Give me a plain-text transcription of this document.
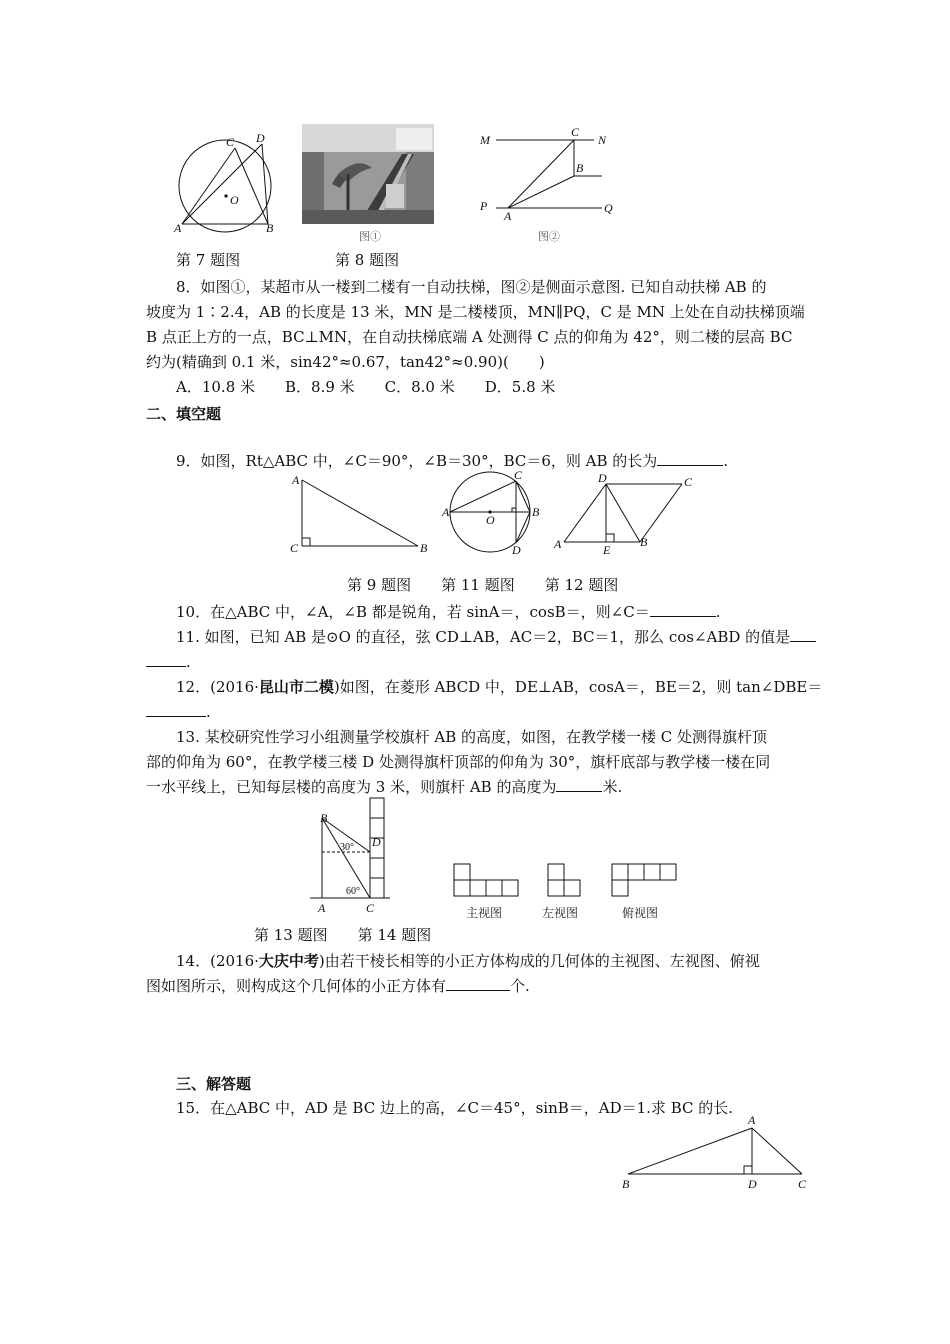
A	B
C D
O
图①
M	N
C
B
P
A
Q
图②
第 7 题图	第 8 题图
8．如图①，某超市从一楼到二楼有一自动扶梯，图②是侧面示意图. 已知自动扶梯 AB 的
坡度为 1∶2.4，AB 的长度是 13 米，MN 是二楼楼顶，MN∥PQ，C 是 MN 上处在自动扶梯顶端
B 点正上方的一点，BC⊥MN，在自动扶梯底端 A 处测得 C 点的仰角为 42°，则二楼的层高 BC
约为(精确到 0.1 米，sin42°≈0.67，tan42°≈0.90)(　　)
A．10.8 米　　B．8.9 米　　C．8.0 米　　D．5.8 米
二、填空题
9．如图，Rt△ABC 中，∠C＝90°，∠B＝30°，BC＝6，则 AB 的长为	.
A
C	B
A	B
C
D
O
D	C
A	E
B
第 9 题图　　第 11 题图　　第 12 题图
10．在△ABC 中，∠A，∠B 都是锐角，若 sinA＝，cosB＝，则∠C＝	.
11. 如图，已知 AB 是⊙O 的直径，弦 CD⊥AB，AC＝2，BC＝1，那么 cos∠ABD 的值是
.
12．(2016·昆山市二模)如图，在菱形 ABCD 中，DE⊥AB，cosA＝，BE＝2，则 tan∠DBE＝
.
13. 某校研究性学习小组测量学校旗杆 AB 的高度，如图，在教学楼一楼 C 处测得旗杆顶
部的仰角为 60°，在教学楼三楼 D 处测得旗杆顶部的仰角为 30°，旗杆底部与教学楼一楼在同
一水平线上，已知每层楼的高度为 3 米，则旗杆 AB 的高度为	米.
B
D
A	C
30°
60°
主视图	左视图	俯视图
第 13 题图　　第 14 题图
14．(2016·大庆中考)由若干棱长相等的小正方体构成的几何体的主视图、左视图、俯视
图如图所示，则构成这个几何体的小正方体有	个.
三、解答题
15．在△ABC 中，AD 是 BC 边上的高，∠C＝45°，sinB＝，AD＝1.求 BC 的长.
A
B	D	C
